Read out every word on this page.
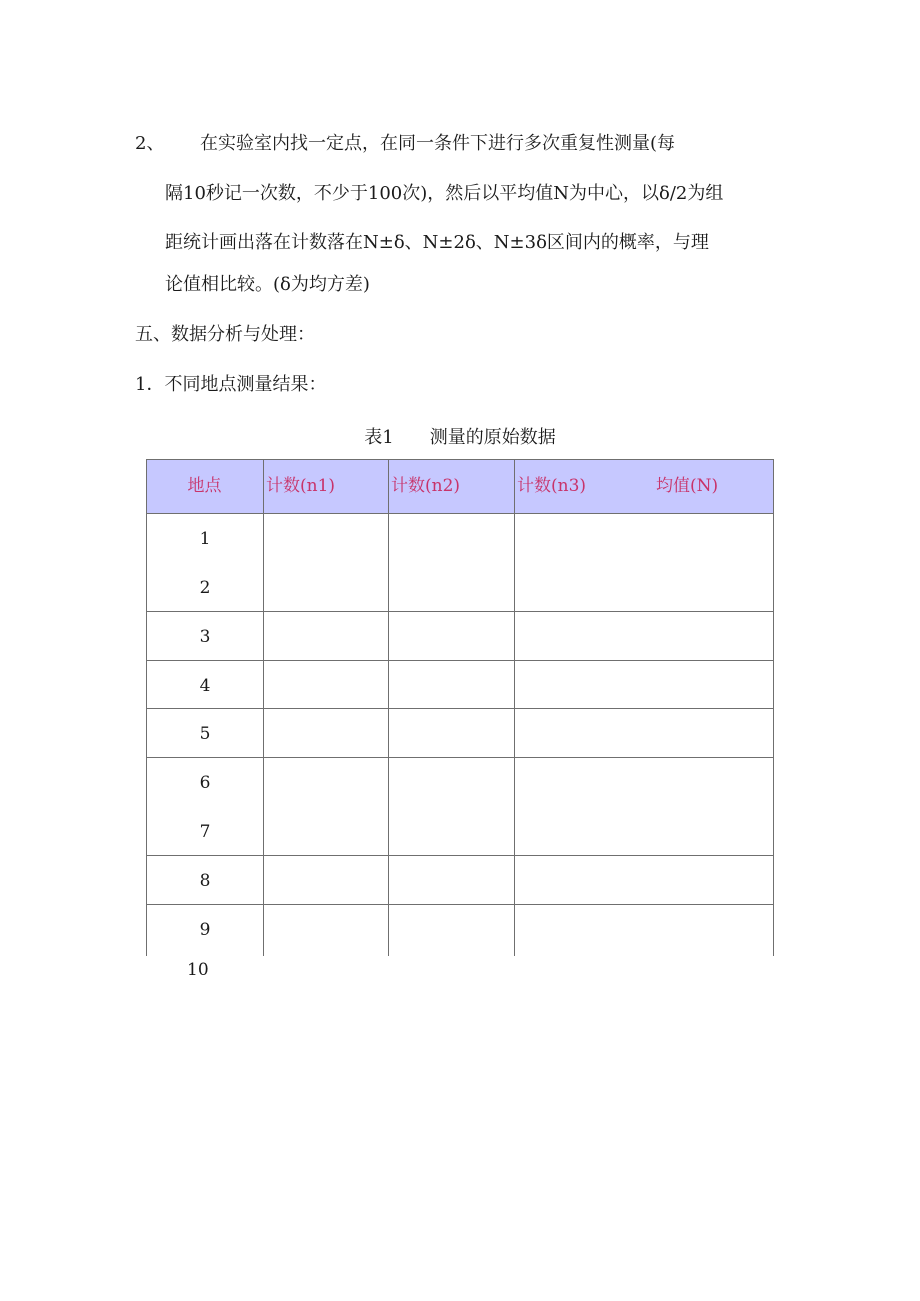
2、 在实验室内找一定点，在同一条件下进行多次重复性测量(每
隔10秒记一次数，不少于100次)，然后以平均值N为中心，以δ/2为组
距统计画出落在计数落在N±δ、N±2δ、N±3δ区间内的概率，与理
论值相比较。(δ为均方差)
五、数据分析与处理：
1．不同地点测量结果：
表1　　测量的原始数据
地点	计数(n1)	计数(n2)	计数(n3)	均值(N)
1
2
3
4
5
6
7
8
9
10
